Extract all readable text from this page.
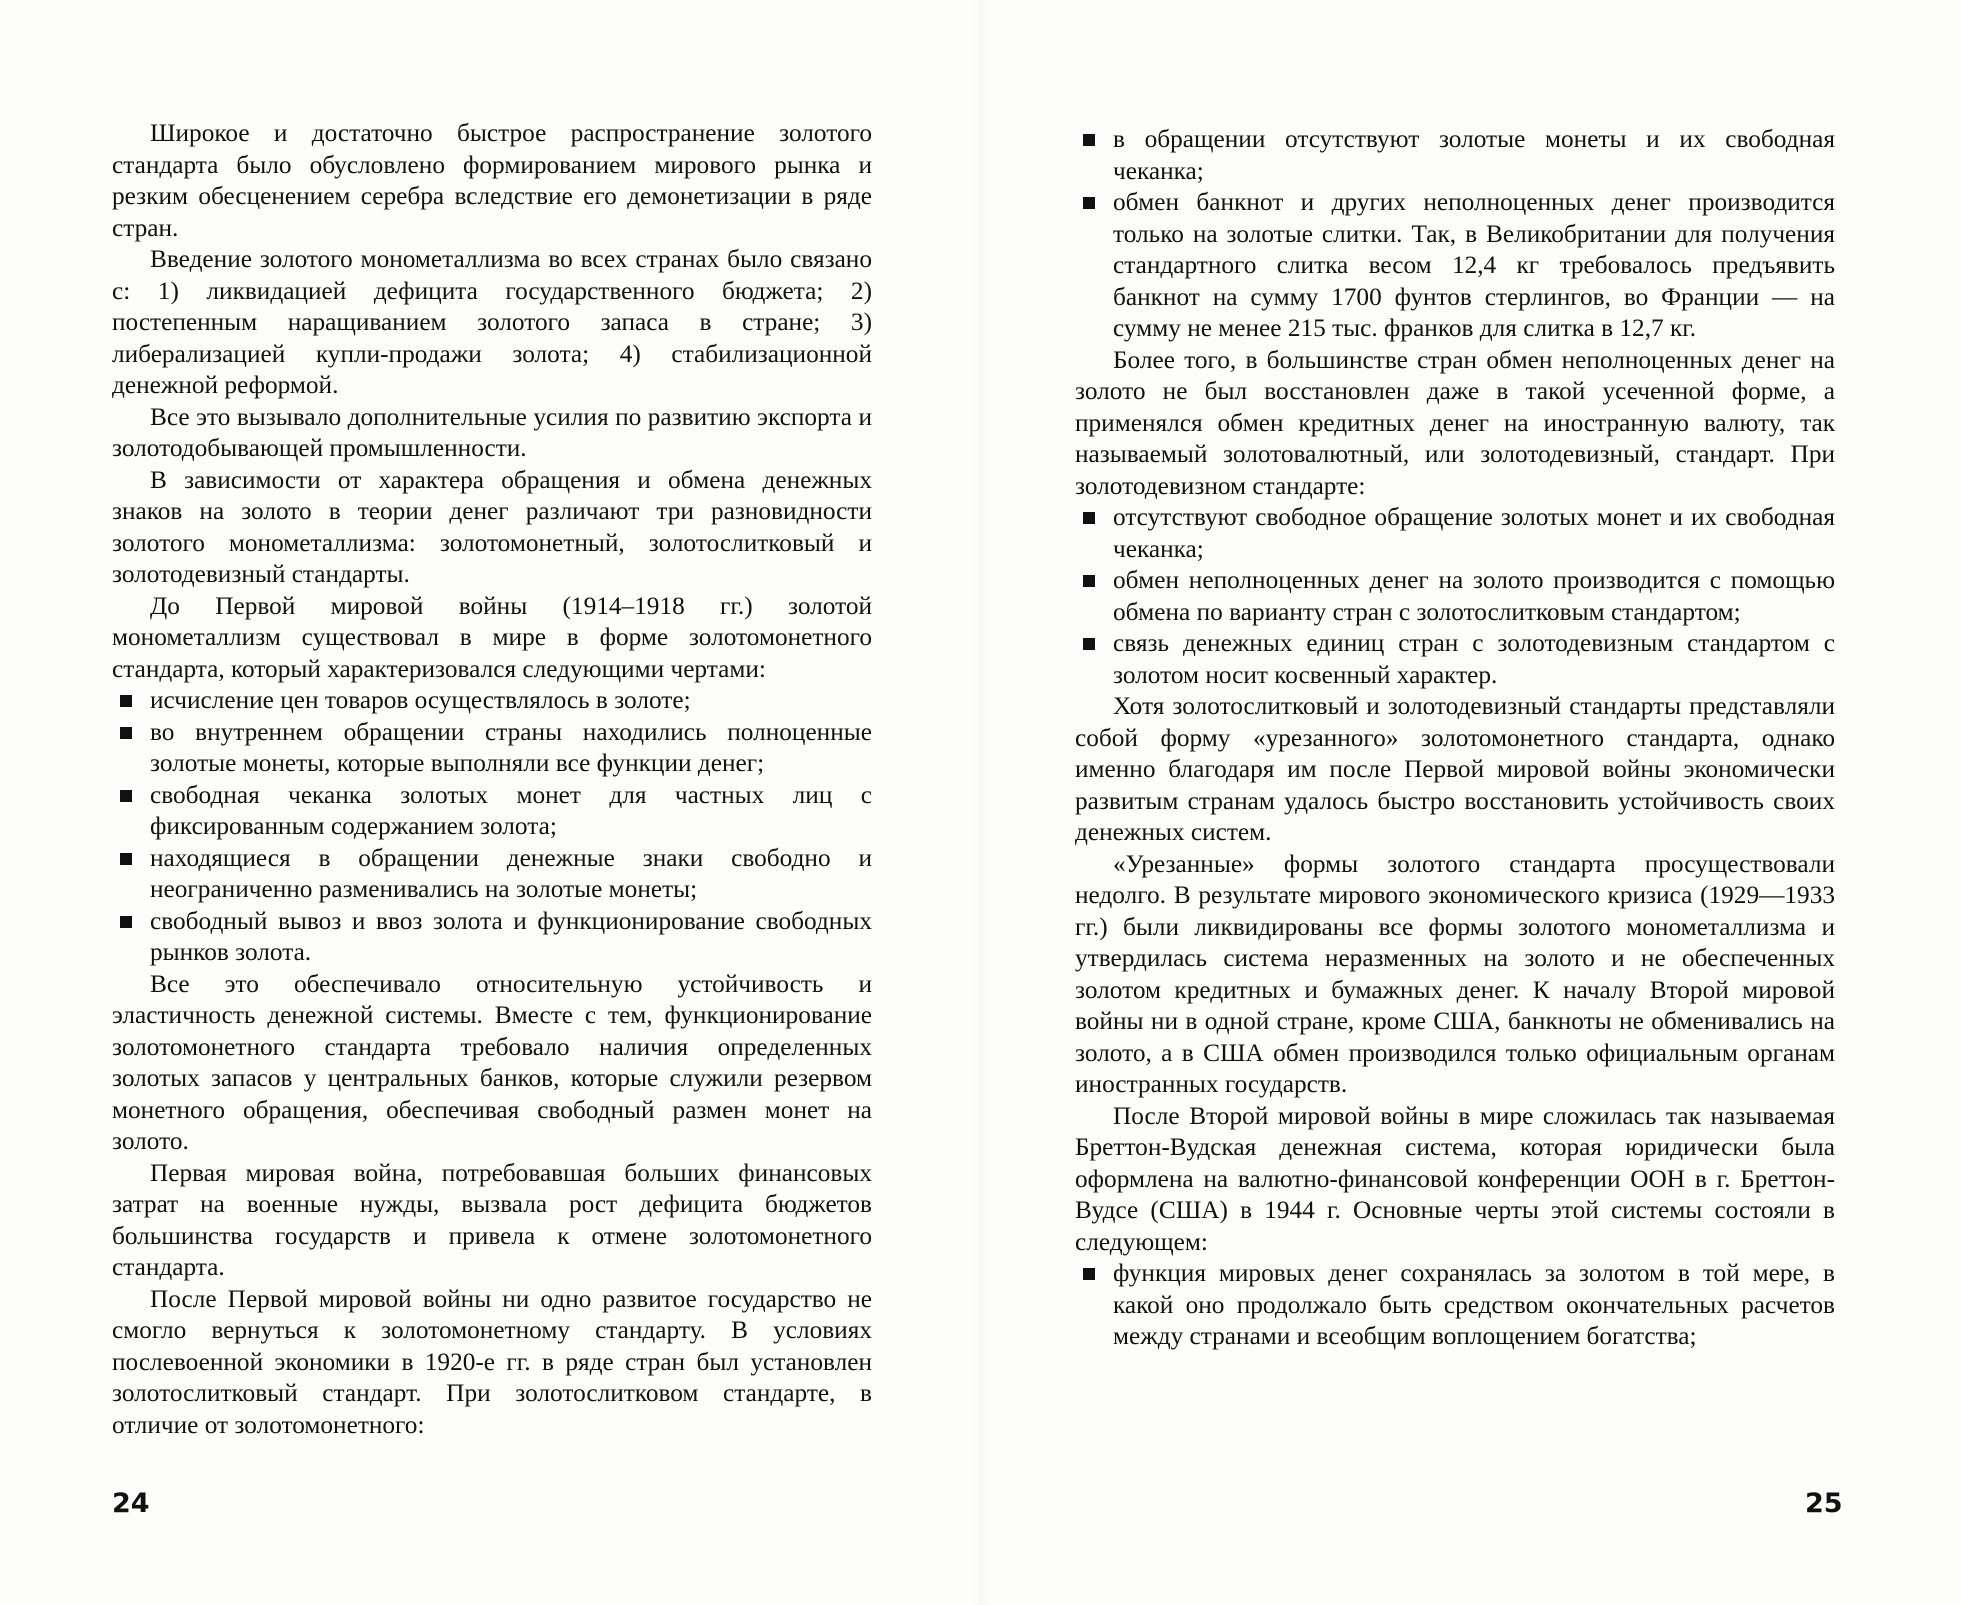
Широкое и достаточно быстрое распространение золотого стандарта было обусловлено формированием мирового рынка и резким обесценением серебра вследствие его демонетизации в ряде стран.

Введение золотого монометаллизма во всех странах было связано с: 1) ликвидацией дефицита государственного бюджета; 2) постепенным наращиванием золотого запаса в стране; 3) либерализацией купли-продажи золота; 4) стабилизационной денежной реформой.

Все это вызывало дополнительные усилия по развитию экспорта и золотодобывающей промышленности.

В зависимости от характера обращения и обмена денежных знаков на золото в теории денег различают три разновидности золотого монометаллизма: золотомонетный, золотослитковый и золотодевизный стандарты.

До Первой мировой войны (1914–1918 гг.) золотой монометаллизм существовал в мире в форме золотомонетного стандарта, который характеризовался следующими чертами:

исчисление цен товаров осуществлялось в золоте;
во внутреннем обращении страны находились полноценные золотые монеты, которые выполняли все функции денег;
свободная чеканка золотых монет для частных лиц с фиксированным содержанием золота;
находящиеся в обращении денежные знаки свободно и неограниченно разменивались на золотые монеты;
свободный вывоз и ввоз золота и функционирование свободных рынков золота.

Все это обеспечивало относительную устойчивость и эластичность денежной системы. Вместе с тем, функционирование золотомонетного стандарта требовало наличия определенных золотых запасов у центральных банков, которые служили резервом монетного обращения, обеспечивая свободный размен монет на золото.

Первая мировая война, потребовавшая больших финансовых затрат на военные нужды, вызвала рост дефицита бюджетов большинства государств и привела к отмене золотомонетного стандарта.

После Первой мировой войны ни одно развитое государство не смогло вернуться к золотомонетному стандарту. В условиях послевоенной экономики в 1920-е гг. в ряде стран был установлен золотослитковый стандарт. При золотослитковом стандарте, в отличие от золотомонетного:

в обращении отсутствуют золотые монеты и их свободная чеканка;
обмен банкнот и других неполноценных денег производится только на золотые слитки. Так, в Великобритании для получения стандартного слитка весом 12,4 кг требовалось предъявить банкнот на сумму 1700 фунтов стерлингов, во Франции — на сумму не менее 215 тыс. франков для слитка в 12,7 кг.

Более того, в большинстве стран обмен неполноценных денег на золото не был восстановлен даже в такой усеченной форме, а применялся обмен кредитных денег на иностранную валюту, так называемый золотовалютный, или золотодевизный, стандарт. При золотодевизном стандарте:

отсутствуют свободное обращение золотых монет и их свободная чеканка;
обмен неполноценных денег на золото производится с помощью обмена по варианту стран с золотослитковым стандартом;
связь денежных единиц стран с золотодевизным стандартом с золотом носит косвенный характер.

Хотя золотослитковый и золотодевизный стандарты представляли собой форму «урезанного» золотомонетного стандарта, однако именно благодаря им после Первой мировой войны экономически развитым странам удалось быстро восстановить устойчивость своих денежных систем.

«Урезанные» формы золотого стандарта просуществовали недолго. В результате мирового экономического кризиса (1929—1933 гг.) были ликвидированы все формы золотого монометаллизма и утвердилась система неразменных на золото и не обеспеченных золотом кредитных и бумажных денег. К началу Второй мировой войны ни в одной стране, кроме США, банкноты не обменивались на золото, а в США обмен производился только официальным органам иностранных государств.

После Второй мировой войны в мире сложилась так называемая Бреттон-Вудская денежная система, которая юридически была оформлена на валютно-финансовой конференции ООН в г. Бреттон-Вудсе (США) в 1944 г. Основные черты этой системы состояли в следующем:

функция мировых денег сохранялась за золотом в той мере, в какой оно продолжало быть средством окончательных расчетов между странами и всеобщим воплощением богатства;
24	25
